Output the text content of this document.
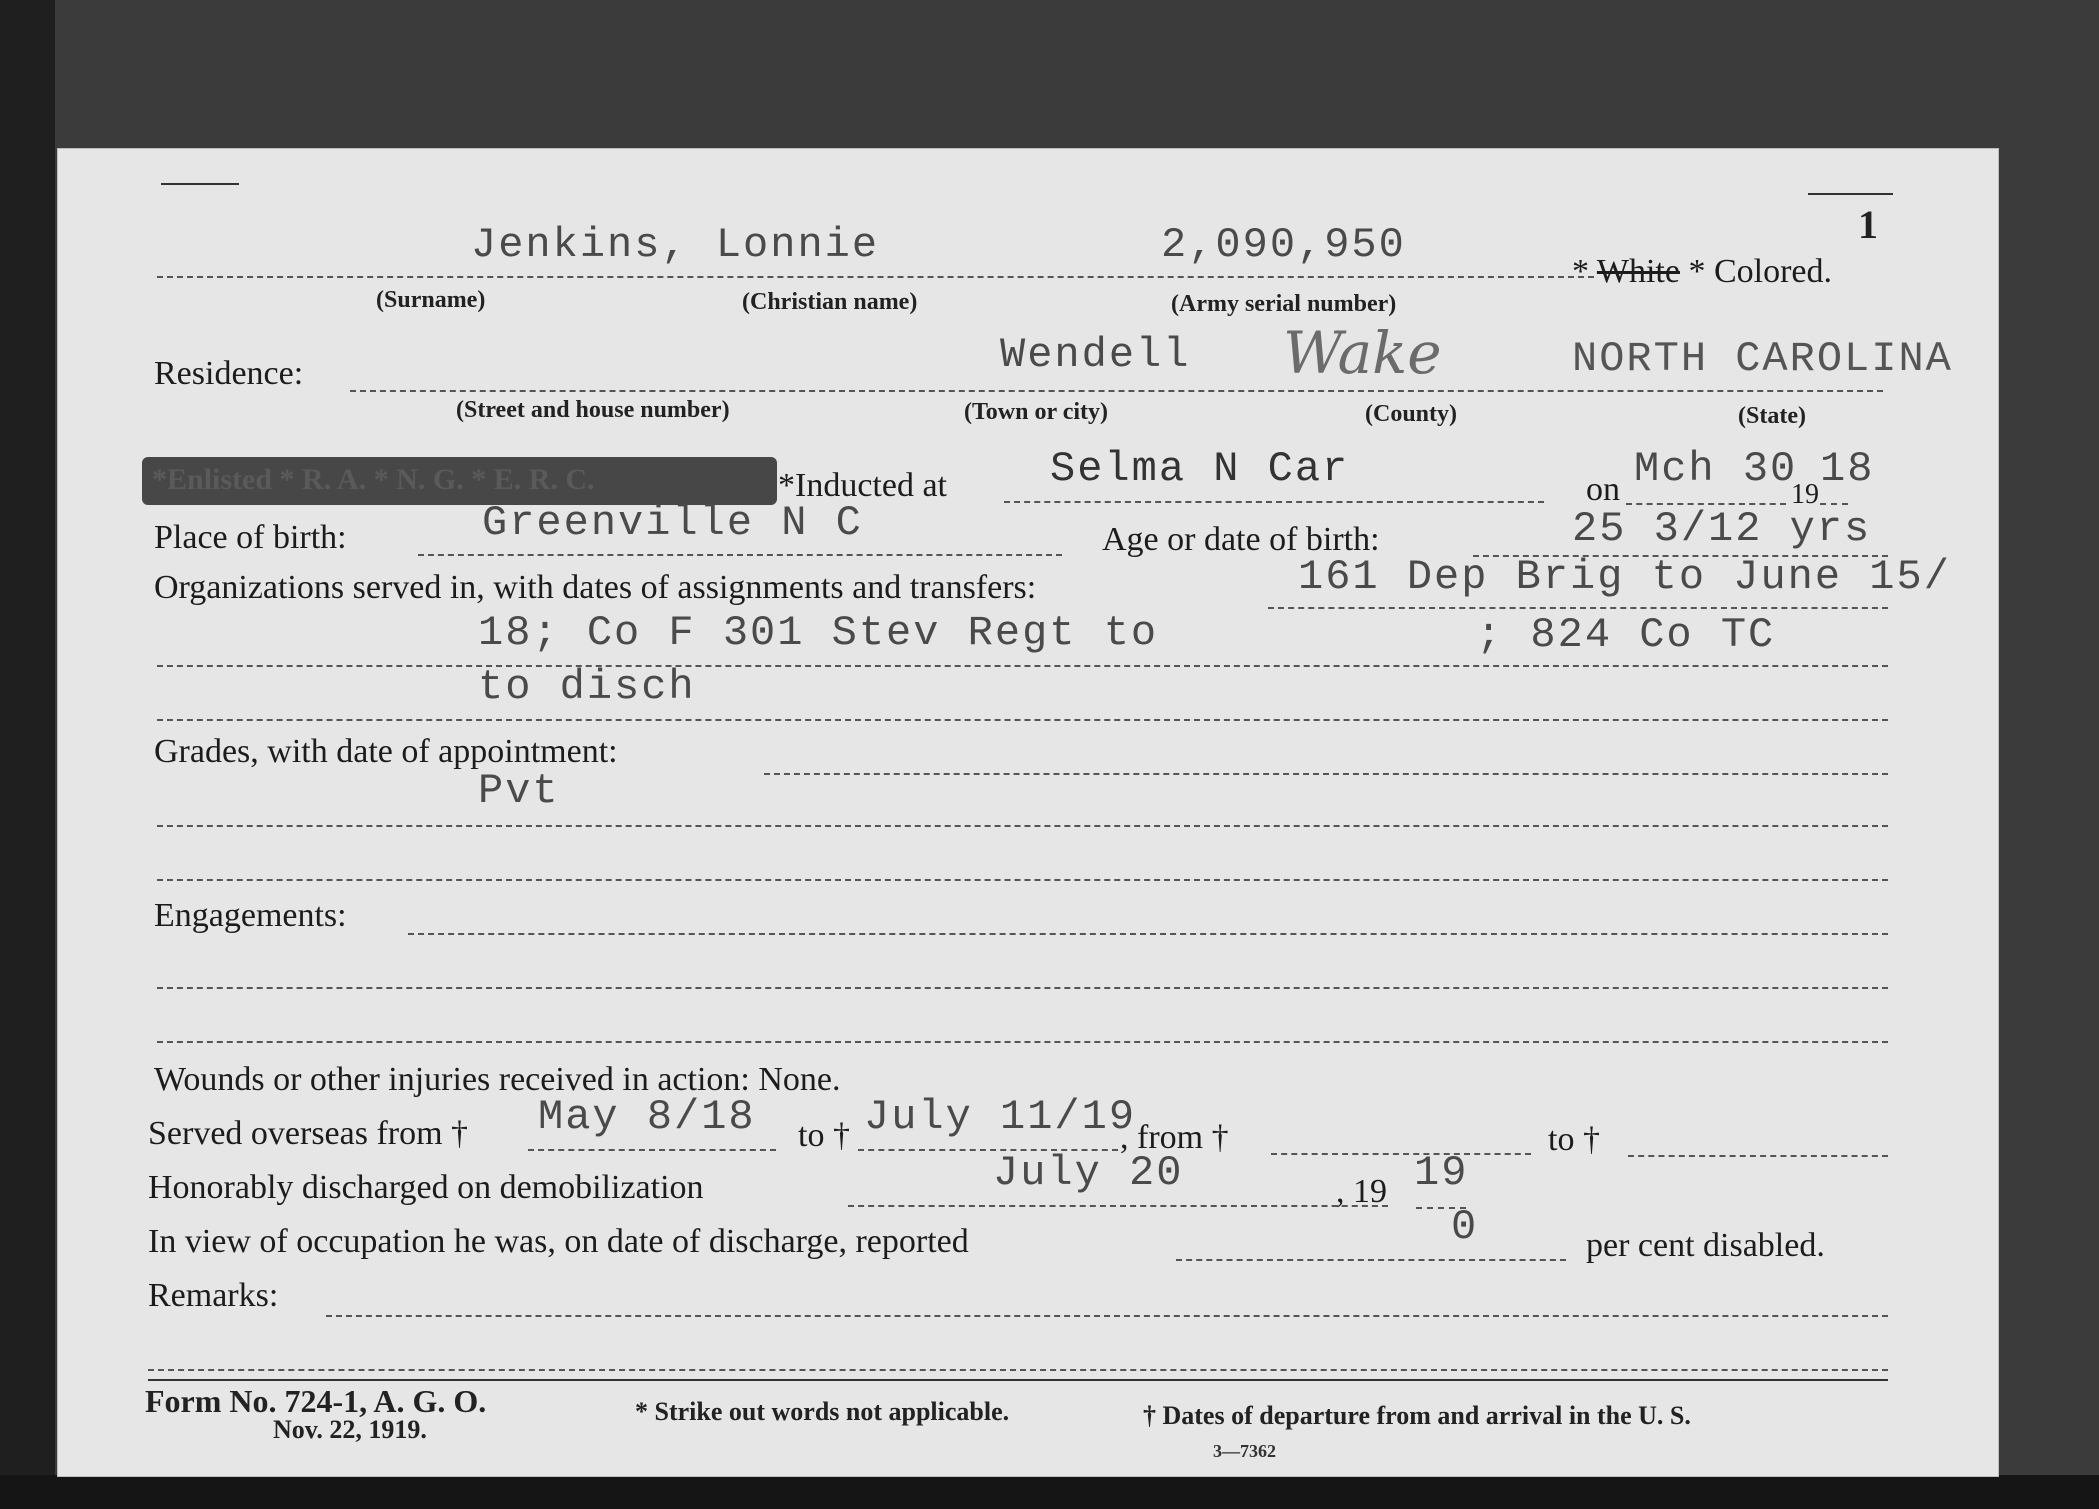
1
Jenkins, Lonnie	2,090,950
* White * Colored.
(Surname)	(Christian name)	(Army serial number)
Residence:	Wendell Wake	NORTH CAROLINA
(Street and house number)	(Town or city)	(County)	(State)
*Enlisted * R. A. * N. G. * E. R. C.	*Inducted at Selma N Car	on Mch 30
19
18
Place of birth:	Greenville N C	Age or date of birth:	25 3/12 yrs
Organizations served in, with dates of assignments and transfers:	161 Dep Brig to June 15/
18; Co F 301 Stev Regt to	; 824 Co TC
to disch
Grades, with date of appointment:
Pvt
Engagements:
Wounds or other injuries received in action: None.
Served overseas from † May 8/18 to † July 11/19
, from †	to †
Honorably discharged on demobilization	July 20	, 19 19
In view of occupation he was, on date of discharge, reported	0	per cent disabled.
Remarks:
Form No. 724-1, A. G. O.
Nov. 22, 1919.
* Strike out words not applicable.	† Dates of departure from and arrival in the U. S.
3—7362
